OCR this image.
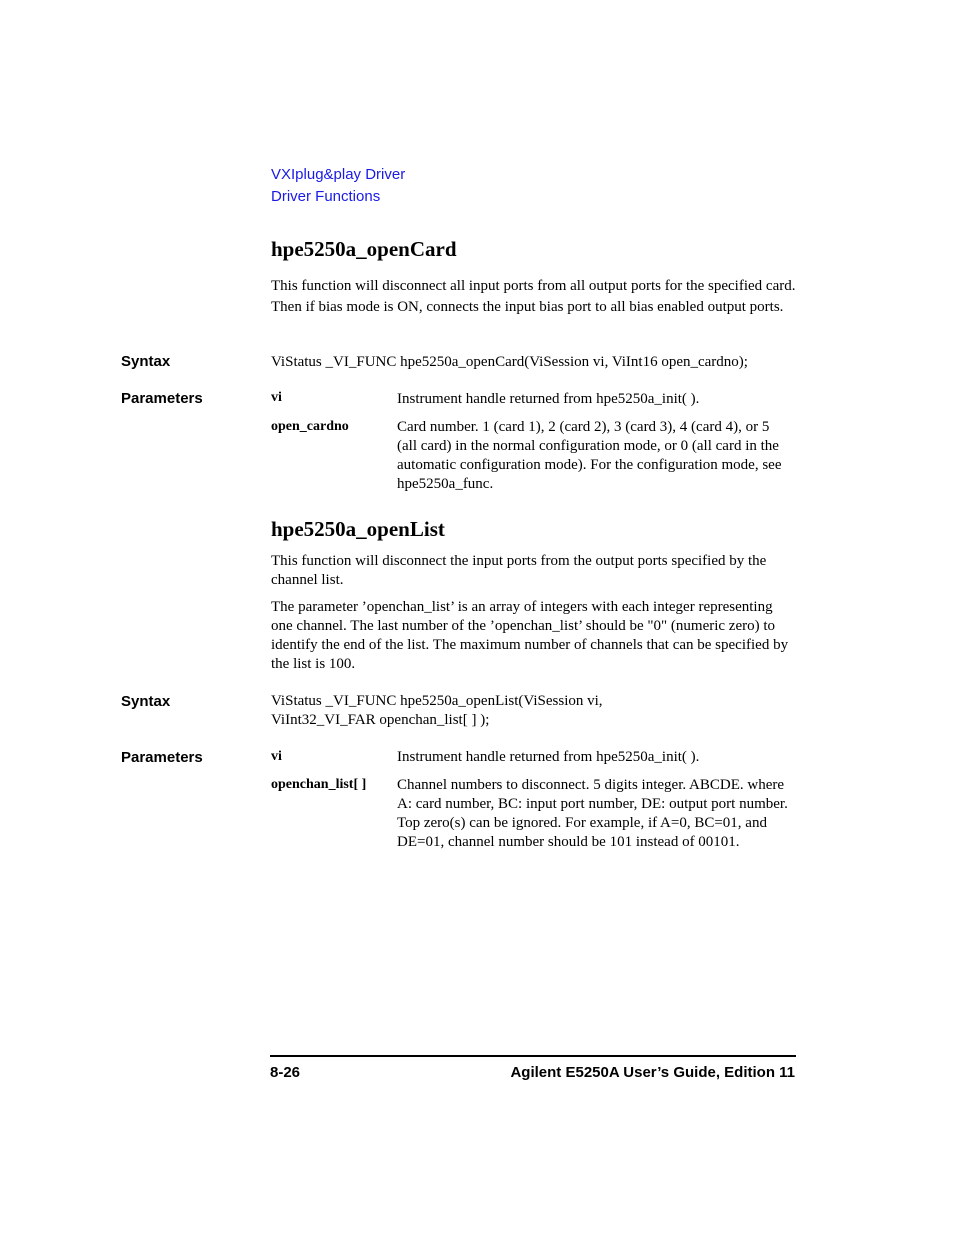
VXIplug&play Driver
Driver Functions
hpe5250a_openCard

This function will disconnect all input ports from all output ports for the specified card. Then if bias mode is ON, connects the input bias port to all bias enabled output ports.

Syntax	ViStatus _VI_FUNC hpe5250a_openCard(ViSession vi, ViInt16 open_cardno);
Parameters	vi	Instrument handle returned from hpe5250a_init( ).
open_cardno	Card number. 1 (card 1), 2 (card 2), 3 (card 3), 4 (card 4), or 5 (all card) in the normal configuration mode, or 0 (all card in the automatic configuration mode). For the configuration mode, see hpe5250a_func.
hpe5250a_openList

This function will disconnect the input ports from the output ports specified by the channel list.

The parameter ’openchan_list’ is an array of integers with each integer representing one channel. The last number of the ’openchan_list’ should be "0" (numeric zero) to identify the end of the list. The maximum number of channels that can be specified by the list is 100.

Syntax	ViStatus _VI_FUNC hpe5250a_openList(ViSession vi,
ViInt32_VI_FAR openchan_list[ ] );
Parameters	vi	Instrument handle returned from hpe5250a_init( ).
openchan_list[ ] Channel numbers to disconnect. 5 digits integer. ABCDE. where A: card number, BC: input port number, DE: output port number. Top zero(s) can be ignored. For example, if A=0, BC=01, and DE=01, channel number should be 101 instead of 00101.
8-26	Agilent E5250A User’s Guide, Edition 11
